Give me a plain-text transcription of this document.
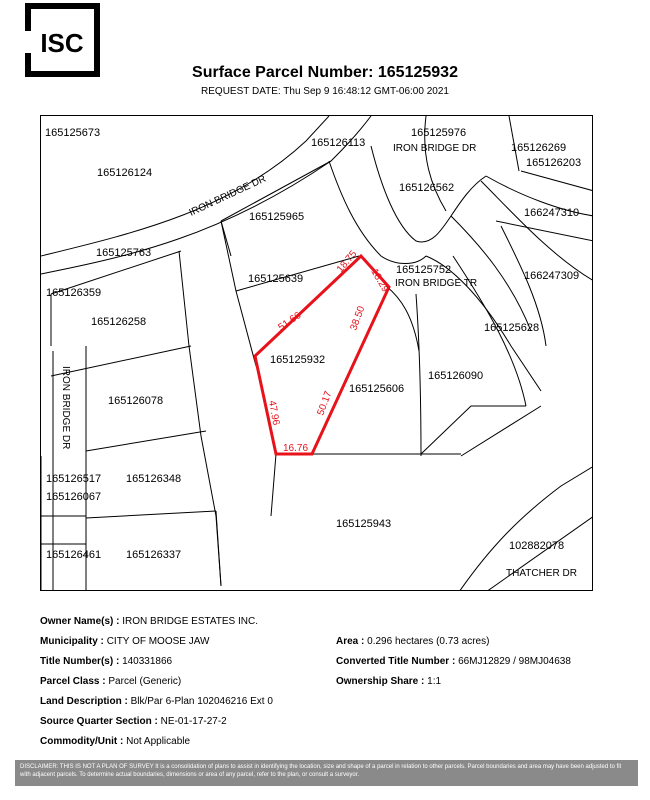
ISC
Surface Parcel Number: 165125932
REQUEST DATE: Thu Sep 9 16:48:12 GMT-06:00 2021
165125673
165126113
165125976
165126269
165126203
165126124
165126562
166247310
165125965
165125763
165125752	166247309
165125639
165126359
165126258	165125628
165125932
165125606
165126090
165126078
165126517 165126348
165126067
165125943
102882078
165126461 165126337
IRON BRIDGE DR
IRON BRIDGE DR
IRON BRIDGE TR
IRON BRIDGE DR
THATCHER DR
18.75
18.29
38.50
51.66
47.96	50.17
16.76
Owner Name(s) : IRON BRIDGE ESTATES INC.
Municipality : CITY OF MOOSE JAW
Title Number(s) : 140331866
Parcel Class : Parcel (Generic)
Land Description : Blk/Par 6-Plan 102046216 Ext 0
Source Quarter Section : NE-01-17-27-2
Commodity/Unit : Not Applicable
Area : 0.296 hectares (0.73 acres)
Converted Title Number : 66MJ12829 / 98MJ04638
Ownership Share : 1:1
DISCLAIMER: THIS IS NOT A PLAN OF SURVEY It is a consolidation of plans to assist in identifying the location, size and shape of a parcel in relation to other parcels. Parcel boundaries and area may have been adjusted to fit with adjacent parcels. To determine actual boundaries, dimensions or area of any parcel, refer to the plan, or consult a surveyor.
